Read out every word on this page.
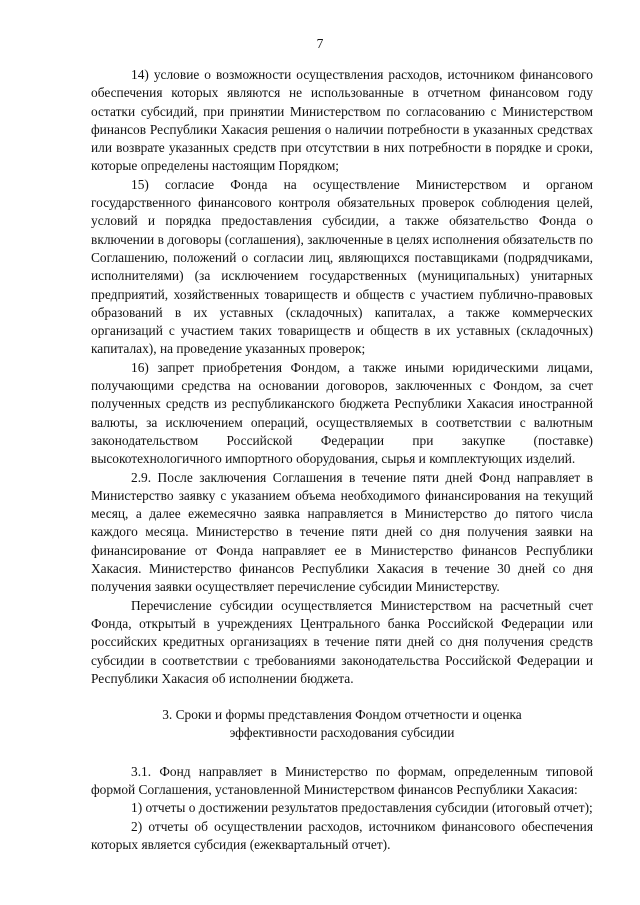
7

14) условие о возможности осуществления расходов, источником финансового обеспечения которых являются не использованные в отчетном финансовом году остатки субсидий, при принятии Министерством по согласованию с Министерством финансов Республики Хакасия решения о наличии потребности в указанных средствах или возврате указанных средств при отсутствии в них потребности в порядке и сроки, которые определены настоящим Порядком;

15) согласие Фонда на осуществление Министерством и органом государственного финансового контроля обязательных проверок соблюдения целей, условий и порядка предоставления субсидии, а также обязательство Фонда о включении в договоры (соглашения), заключенные в целях исполнения обязательств по Соглашению, положений о согласии лиц, являющихся поставщиками (подрядчиками, исполнителями) (за исключением государственных (муниципальных) унитарных предприятий, хозяйственных товариществ и обществ с участием публично-правовых образований в их уставных (складочных) капиталах, а также коммерческих организаций с участием таких товариществ и обществ в их уставных (складочных) капиталах), на проведение указанных проверок;

16) запрет приобретения Фондом, а также иными юридическими лицами, получающими средства на основании договоров, заключенных с Фондом, за счет полученных средств из республиканского бюджета Республики Хакасия иностранной валюты, за исключением операций, осуществляемых в соответствии с валютным законодательством Российской Федерации при закупке (поставке) высокотехнологичного импортного оборудования, сырья и комплектующих изделий.

2.9. После заключения Соглашения в течение пяти дней Фонд направляет в Министерство заявку с указанием объема необходимого финансирования на текущий месяц, а далее ежемесячно заявка направляется в Министерство до пятого числа каждого месяца. Министерство в течение пяти дней со дня получения заявки на финансирование от Фонда направляет ее в Министерство финансов Республики Хакасия. Министерство финансов Республики Хакасия в течение 30 дней со дня получения заявки осуществляет перечисление субсидии Министерству.

Перечисление субсидии осуществляется Министерством на расчетный счет Фонда, открытый в учреждениях Центрального банка Российской Федерации или российских кредитных организациях в течение пяти дней со дня получения средств субсидии в соответствии с требованиями законодательства Российской Федерации и Республики Хакасия об исполнении бюджета.

3. Сроки и формы представления Фондом отчетности и оценка эффективности расходования субсидии

3.1. Фонд направляет в Министерство по формам, определенным типовой формой Соглашения, установленной Министерством финансов Республики Хакасия:

1) отчеты о достижении результатов предоставления субсидии (итоговый отчет);

2) отчеты об осуществлении расходов, источником финансового обеспечения которых является субсидия (ежеквартальный отчет).
